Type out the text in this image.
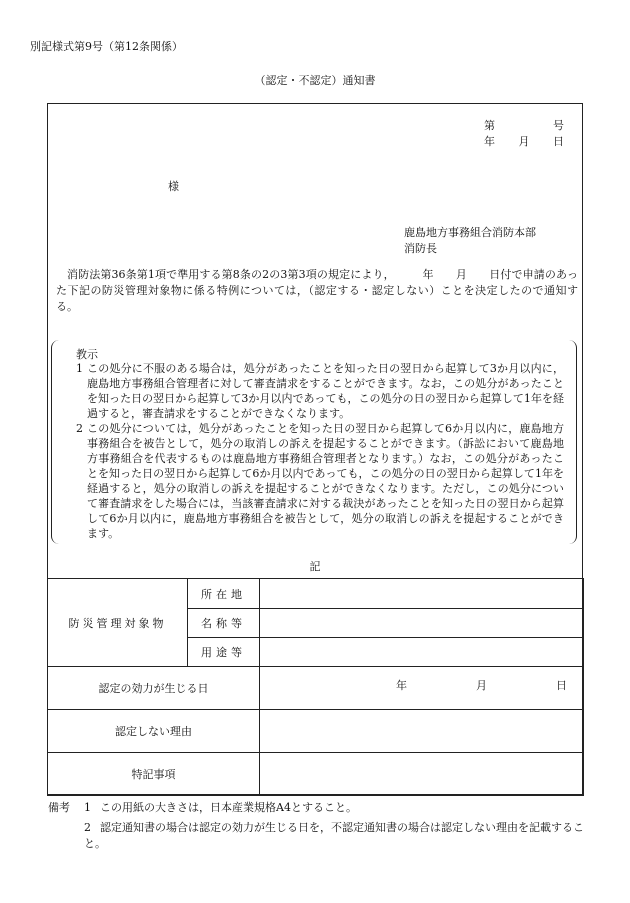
別記様式第9号（第12条関係）
（認定・不認定）通知書
第	号
年 月 日
様
鹿島地方事務組合消防本部
消防長
消防法第36条第1項で準用する第8条の2の3第3項の規定により，　　　年　　月　　日付で申請のあった下記の防災管理対象物に係る特例については，（認定する・認定しない）ことを決定したので通知する。
教示
1 この処分に不服のある場合は，処分があったことを知った日の翌日から起算して3か月以内に，鹿島地方事務組合管理者に対して審査請求をすることができます。なお，この処分があったことを知った日の翌日から起算して3か月以内であっても，この処分の日の翌日から起算して1年を経過すると，審査請求をすることができなくなります。
2 この処分については，処分があったことを知った日の翌日から起算して6か月以内に，鹿島地方事務組合を被告として，処分の取消しの訴えを提起することができます。（訴訟において鹿島地方事務組合を代表するものは鹿島地方事務組合管理者となります。）なお，この処分があったことを知った日の翌日から起算して6か月以内であっても，この処分の日の翌日から起算して1年を経過すると，処分の取消しの訴えを提起することができなくなります。ただし，この処分について審査請求をした場合には，当該審査請求に対する裁決があったことを知った日の翌日から起算して6か月以内に，鹿島地方事務組合を被告として，処分の取消しの訴えを提起することができます。
記
防災管理対象物	所在地	
	名称等	
	用途等	
認定の効力が生じる日		年 月 日

認定しない理由		
特記事項		
備考 1 この用紙の大きさは，日本産業規格A4とすること。
2 認定通知書の場合は認定の効力が生じる日を，不認定通知書の場合は認定しない理由を記載すること。
